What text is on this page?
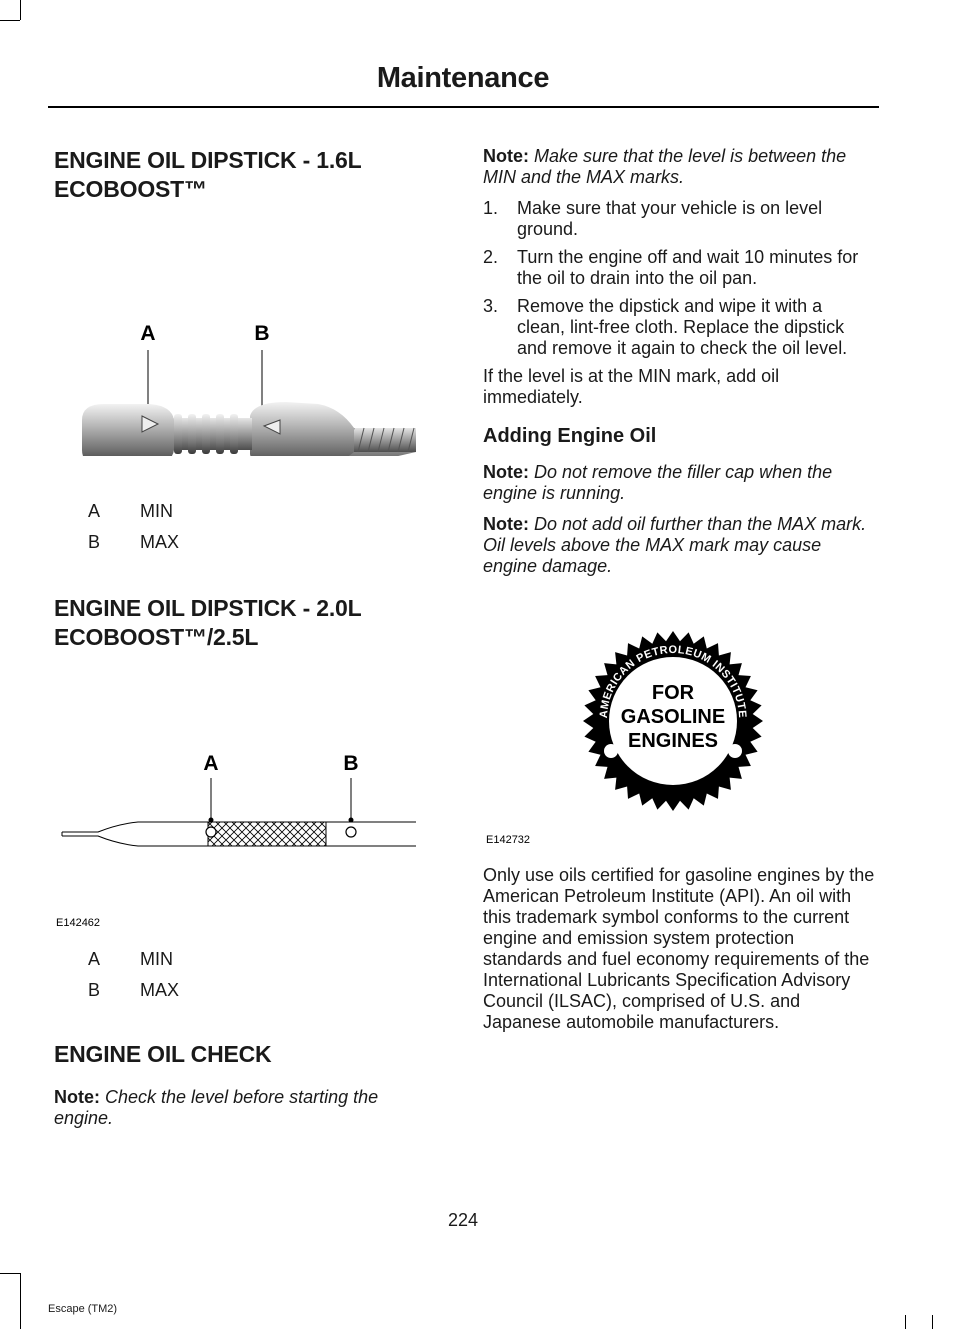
Maintenance
ENGINE OIL DIPSTICK - 1.6L
ECOBOOST™
A	B
A	MIN
B	MAX
ENGINE OIL DIPSTICK - 2.0L
ECOBOOST™/2.5L
A	B
E142462
A	MIN
B	MAX
ENGINE OIL CHECK

Note: Check the level before starting the engine.

Note: Make sure that the level is between the MIN and the MAX marks.

1.	Make sure that your vehicle is on level ground.
2.	Turn the engine off and wait 10 minutes for the oil to drain into the oil pan.
3.	Remove the dipstick and wipe it with a clean, lint-free cloth. Replace the dipstick and remove it again to check the oil level.

If the level is at the MIN mark, add oil immediately.

Adding Engine Oil

Note: Do not remove the filler cap when the engine is running.

Note: Do not add oil further than the MAX mark. Oil levels above the MAX mark may cause engine damage.

AMERICAN PETROLEUM INSTITUTE
CERTIFIED
FOR
GASOLINE
ENGINES
E142732

Only use oils certified for gasoline engines by the American Petroleum Institute (API). An oil with this trademark symbol conforms to the current engine and emission system protection standards and fuel economy requirements of the International Lubricants Specification Advisory Council (ILSAC), comprised of U.S. and Japanese automobile manufacturers.

224
Escape (TM2)
